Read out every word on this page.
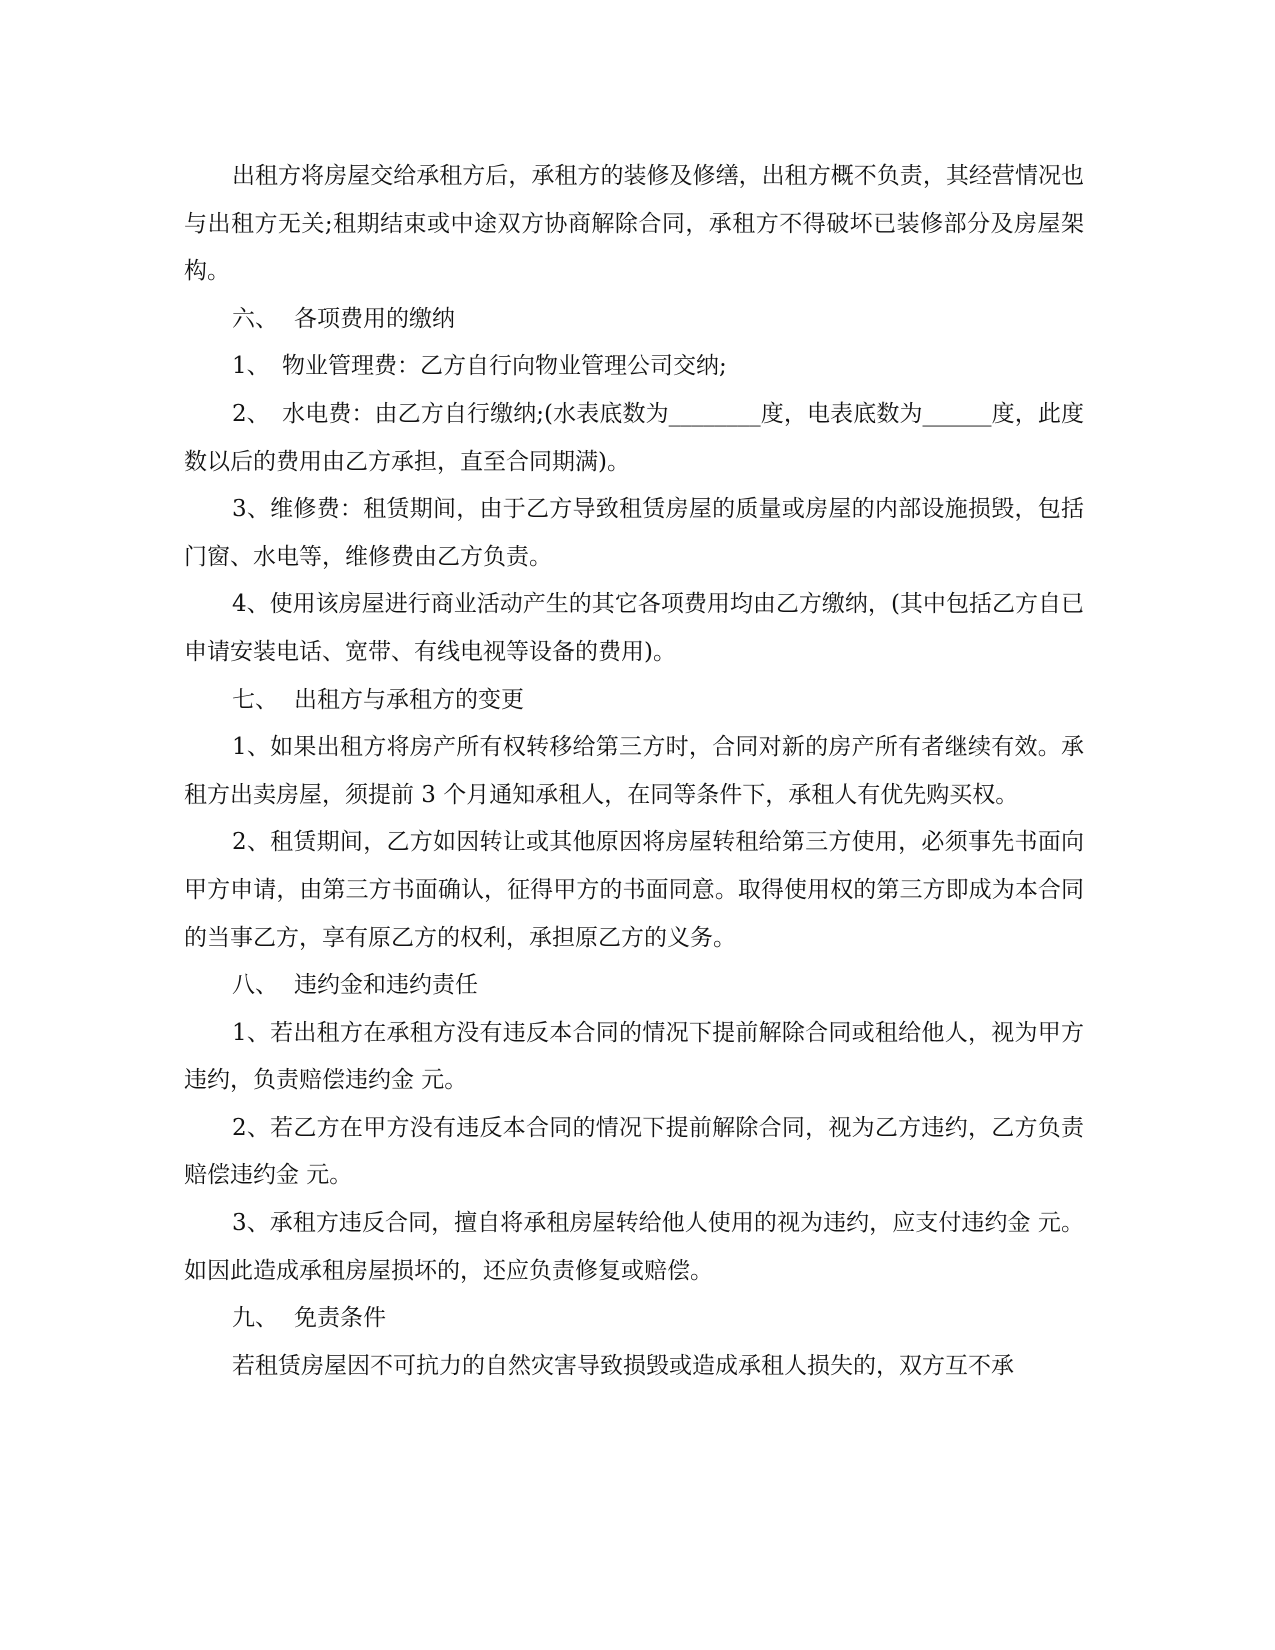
出租方将房屋交给承租方后，承租方的装修及修缮，出租方概不负责，其经营情况也与出租方无关;租期结束或中途双方协商解除合同，承租方不得破坏已装修部分及房屋架构。

六、 各项费用的缴纳

1、 物业管理费：乙方自行向物业管理公司交纳;

2、 水电费：由乙方自行缴纳;(水表底数为________度，电表底数为______度，此度数以后的费用由乙方承担，直至合同期满)。

3、维修费：租赁期间，由于乙方导致租赁房屋的质量或房屋的内部设施损毁，包括门窗、水电等，维修费由乙方负责。

4、使用该房屋进行商业活动产生的其它各项费用均由乙方缴纳，(其中包括乙方自已申请安装电话、宽带、有线电视等设备的费用)。

七、 出租方与承租方的变更

1、如果出租方将房产所有权转移给第三方时，合同对新的房产所有者继续有效。承租方出卖房屋，须提前 3 个月通知承租人，在同等条件下，承租人有优先购买权。

2、租赁期间，乙方如因转让或其他原因将房屋转租给第三方使用，必须事先书面向甲方申请，由第三方书面确认，征得甲方的书面同意。取得使用权的第三方即成为本合同的当事乙方，享有原乙方的权利，承担原乙方的义务。

八、 违约金和违约责任

1、若出租方在承租方没有违反本合同的情况下提前解除合同或租给他人，视为甲方违约，负责赔偿违约金 元。

2、若乙方在甲方没有违反本合同的情况下提前解除合同，视为乙方违约，乙方负责赔偿违约金 元。

3、承租方违反合同，擅自将承租房屋转给他人使用的视为违约，应支付违约金 元。如因此造成承租房屋损坏的，还应负责修复或赔偿。

九、 免责条件

若租赁房屋因不可抗力的自然灾害导致损毁或造成承租人损失的，双方互不承
